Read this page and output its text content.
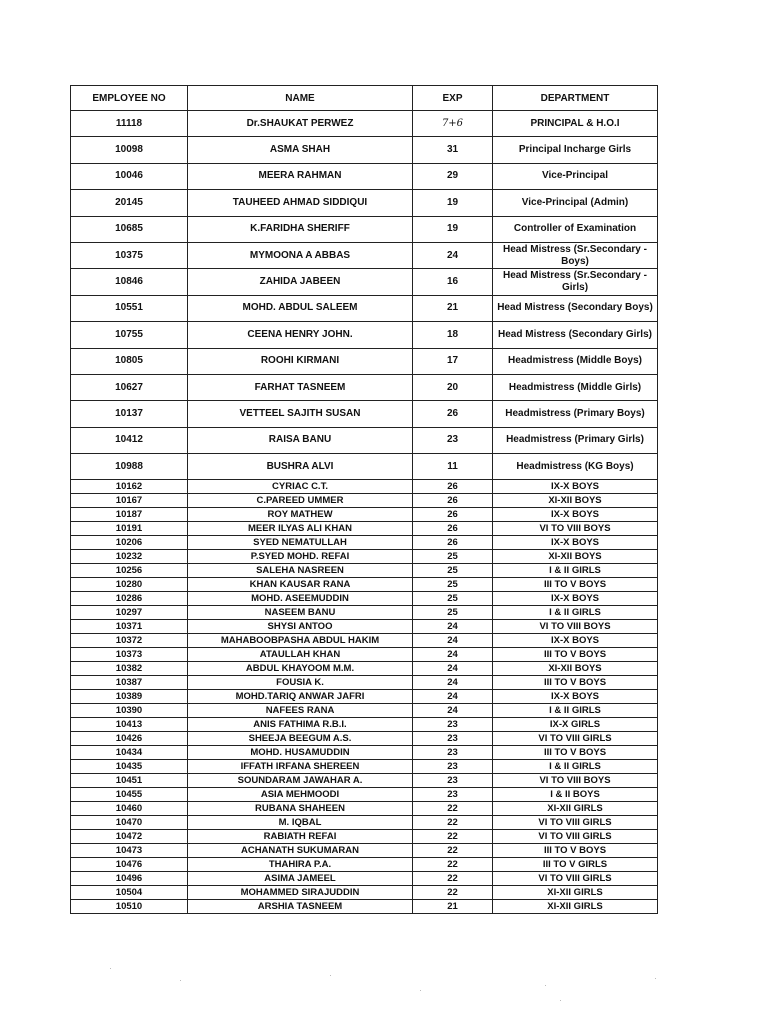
EMPLOYEE NO	NAME	EXP	DEPARTMENT
11118	Dr.SHAUKAT PERWEZ	7+6	PRINCIPAL & H.O.I
10098	ASMA SHAH	31	Principal Incharge Girls
10046	MEERA RAHMAN	29	Vice-Principal
20145	TAUHEED AHMAD SIDDIQUI	19	Vice-Principal (Admin)
10685	K.FARIDHA SHERIFF	19	Controller of Examination
10375	MYMOONA A ABBAS	24	Head Mistress (Sr.Secondary - Boys)
10846	ZAHIDA JABEEN	16	Head Mistress (Sr.Secondary - Girls)
10551	MOHD. ABDUL SALEEM	21	Head Mistress (Secondary Boys)
10755	CEENA HENRY JOHN.	18	Head Mistress (Secondary Girls)
10805	ROOHI KIRMANI	17	Headmistress (Middle Boys)
10627	FARHAT TASNEEM	20	Headmistress (Middle Girls)
10137	VETTEEL SAJITH SUSAN	26	Headmistress (Primary Boys)
10412	RAISA BANU	23	Headmistress (Primary Girls)
10988	BUSHRA ALVI	11	Headmistress (KG Boys)
10162	CYRIAC C.T.	26	IX-X BOYS
10167	C.PAREED UMMER	26	XI-XII BOYS
10187	ROY MATHEW	26	IX-X BOYS
10191	MEER ILYAS ALI KHAN	26	VI TO VIII BOYS
10206	SYED NEMATULLAH	26	IX-X BOYS
10232	P.SYED MOHD. REFAI	25	XI-XII BOYS
10256	SALEHA NASREEN	25	I & II GIRLS
10280	KHAN KAUSAR RANA	25	III TO V BOYS
10286	MOHD. ASEEMUDDIN	25	IX-X BOYS
10297	NASEEM BANU	25	I & II GIRLS
10371	SHYSI ANTOO	24	VI TO VIII BOYS
10372	MAHABOOBPASHA ABDUL HAKIM	24	IX-X BOYS
10373	ATAULLAH KHAN	24	III TO V BOYS
10382	ABDUL KHAYOOM M.M.	24	XI-XII BOYS
10387	FOUSIA K.	24	III TO V BOYS
10389	MOHD.TARIQ ANWAR JAFRI	24	IX-X BOYS
10390	NAFEES RANA	24	I & II GIRLS
10413	ANIS FATHIMA R.B.I.	23	IX-X GIRLS
10426	SHEEJA BEEGUM A.S.	23	VI TO VIII GIRLS
10434	MOHD. HUSAMUDDIN	23	III TO V BOYS
10435	IFFATH IRFANA SHEREEN	23	I & II GIRLS
10451	SOUNDARAM JAWAHAR A.	23	VI TO VIII BOYS
10455	ASIA MEHMOODI	23	I & II BOYS
10460	RUBANA SHAHEEN	22	XI-XII GIRLS
10470	M. IQBAL	22	VI TO VIII GIRLS
10472	RABIATH REFAI	22	VI TO VIII GIRLS
10473	ACHANATH SUKUMARAN	22	III TO V BOYS
10476	THAHIRA P.A.	22	III TO V GIRLS
10496	ASIMA JAMEEL	22	VI TO VIII GIRLS
10504	MOHAMMED SIRAJUDDIN	22	XI-XII GIRLS
10510	ARSHIA TASNEEM	21	XI-XII GIRLS
